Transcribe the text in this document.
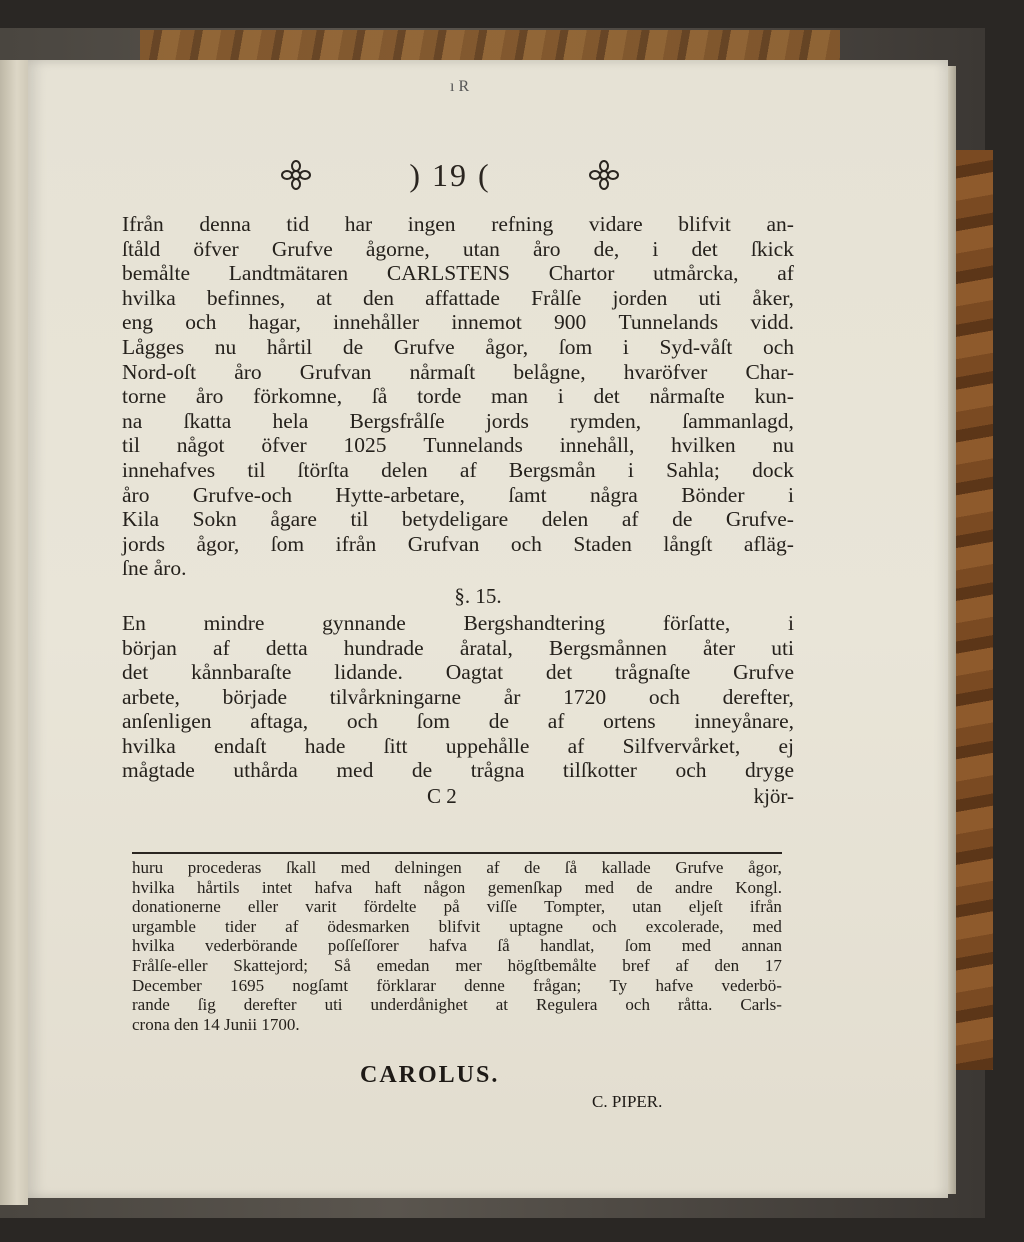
ı R
) 19 (
Ifrån denna tid har ingen refning vidare blifvit an-
ſtåld öfver Grufve ågorne, utan åro de, i det ſkick
bemålte Landtmätaren CARLSTENS Chartor utmårcka, af
hvilka befinnes, at den affattade Frålſe jorden uti åker,
eng och hagar, innehåller innemot 900 Tunnelands vidd.
Lågges nu hårtil de Grufve ågor, ſom i Syd-våſt och
Nord-oſt åro Grufvan nårmaſt belågne, hvaröfver Char-
torne åro förkomne, ſå torde man i det nårmaſte kun-
na ſkatta hela Bergsfrålſe jords rymden, ſammanlagd,
til något öfver 1025 Tunnelands innehåll, hvilken nu
innehafves til ſtörſta delen af Bergsmån i Sahla; dock
åro Grufve-och Hytte-arbetare, ſamt några Bönder i
Kila Sokn ågare til betydeligare delen af de Grufve-
jords ågor, ſom ifrån Grufvan och Staden långſt afläg-
ſne åro.
§. 15.
En	mindre	gynnande	Bergshandtering	förſatte,	i
början af detta hundrade åratal, Bergsmånnen åter uti
det kånnbaraſte lidande. Oagtat det trågnaſte Grufve
arbete, började tilvårkningarne år 1720 och derefter,
anſenligen aftaga, och ſom de af ortens inneyånare,
hvilka endaſt hade ſitt uppehålle af Silfvervårket, ej
mågtade uthårda med de trågna tilſkotter och dryge
C 2	kjör-
huru procederas ſkall med delningen af de ſå kallade Grufve ågor,
hvilka hårtils intet hafva haft någon gemenſkap med de andre Kongl.
donationerne eller varit fördelte på viſſe Tompter, utan eljeſt ifrån
urgamble tider af ödesmarken blifvit uptagne och excolerade, med
hvilka vederbörande poſſeſſorer hafva ſå handlat, ſom med annan
Frålſe-eller Skattejord; Så emedan mer högſtbemålte bref af den 17
December 1695 nogſamt förklarar denne frågan; Ty hafve vederbö-
rande ſig derefter uti underdånighet at Regulera och råtta. Carls-
crona den 14 Junii 1700.
CAROLUS.
C. PIPER.
